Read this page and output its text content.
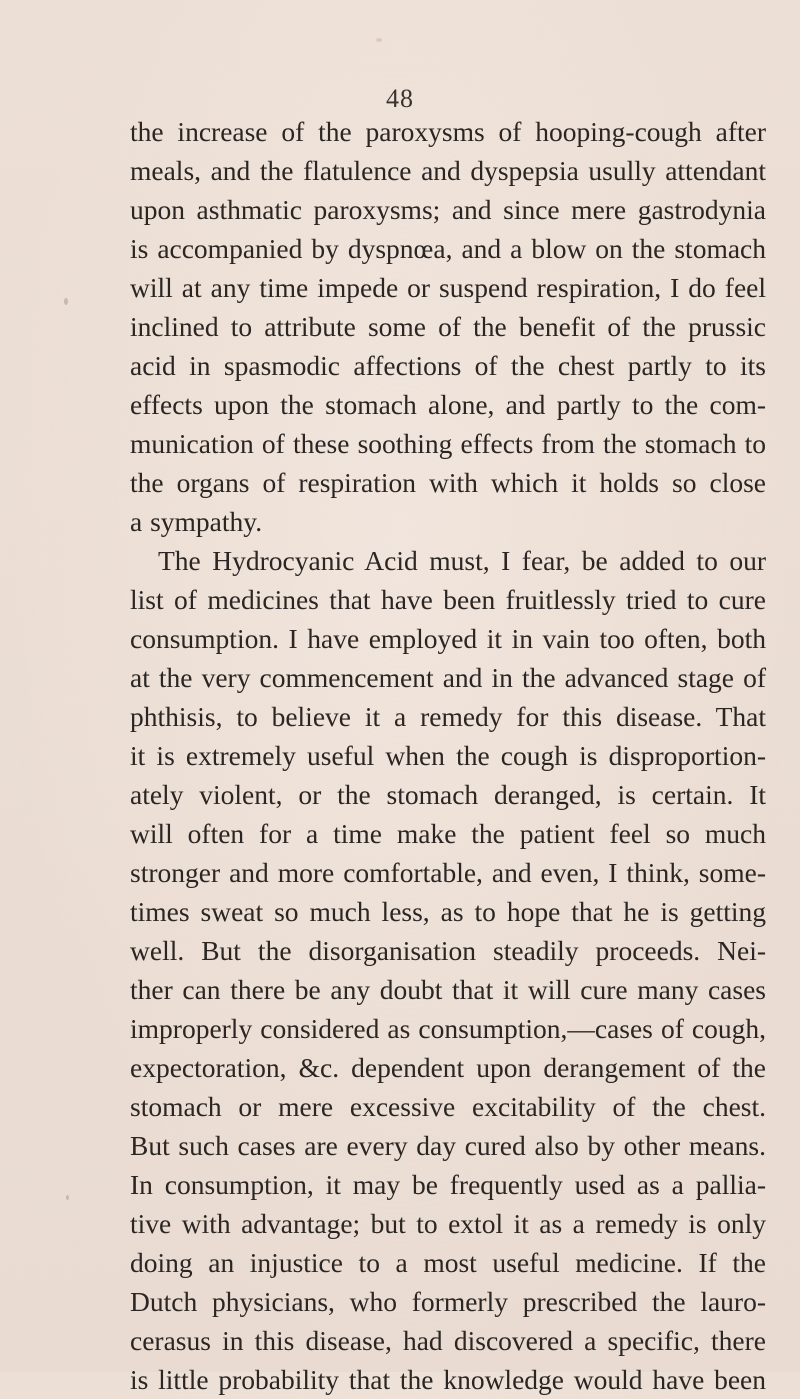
48
the increase of the paroxysms of hooping-cough after
meals, and the flatulence and dyspepsia usully attendant
upon asthmatic paroxysms; and since mere gastrodynia
is accompanied by dyspnœa, and a blow on the stomach
will at any time impede or suspend respiration, I do feel
inclined to attribute some of the benefit of the prussic
acid in spasmodic affections of the chest partly to its
effects upon the stomach alone, and partly to the com-
munication of these soothing effects from the stomach to
the organs of respiration with which it holds so close
a sympathy.
The Hydrocyanic Acid must, I fear, be added to our
list of medicines that have been fruitlessly tried to cure
consumption. I have employed it in vain too often, both
at the very commencement and in the advanced stage of
phthisis, to believe it a remedy for this disease. That
it is extremely useful when the cough is disproportion-
ately violent, or the stomach deranged, is certain. It
will often for a time make the patient feel so much
stronger and more comfortable, and even, I think, some-
times sweat so much less, as to hope that he is getting
well. But the disorganisation steadily proceeds. Nei-
ther can there be any doubt that it will cure many cases
improperly considered as consumption,—cases of cough,
expectoration, &c. dependent upon derangement of the
stomach or mere excessive excitability of the chest.
But such cases are every day cured also by other means.
In consumption, it may be frequently used as a pallia-
tive with advantage; but to extol it as a remedy is only
doing an injustice to a most useful medicine. If the
Dutch physicians, who formerly prescribed the lauro-
cerasus in this disease, had discovered a specific, there
is little probability that the knowledge would have been
